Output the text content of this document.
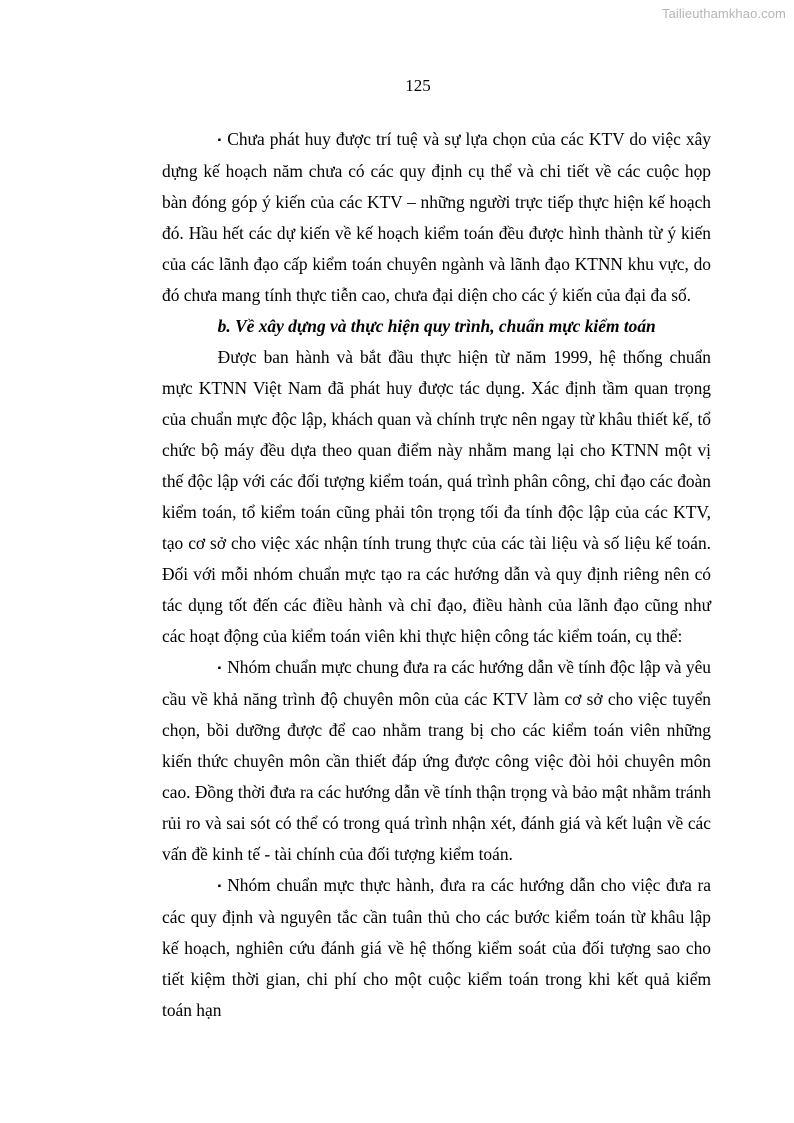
Tailieuthamkhao.com
125

▪ Chưa phát huy được trí tuệ và sự lựa chọn của các KTV do việc xây dựng kế hoạch năm chưa có các quy định cụ thể và chi tiết về các cuộc họp bàn đóng góp ý kiến của các KTV – những người trực tiếp thực hiện kế hoạch đó. Hầu hết các dự kiến về kế hoạch kiểm toán đều được hình thành từ ý kiến của các lãnh đạo cấp kiểm toán chuyên ngành và lãnh đạo KTNN khu vực, do đó chưa mang tính thực tiễn cao, chưa đại diện cho các ý kiến của đại đa số.

b. Về xây dựng và thực hiện quy trình, chuẩn mực kiểm toán

Được ban hành và bắt đầu thực hiện từ năm 1999, hệ thống chuẩn mực KTNN Việt Nam đã phát huy được tác dụng. Xác định tầm quan trọng của chuẩn mực độc lập, khách quan và chính trực nên ngay từ khâu thiết kế, tổ chức bộ máy đều dựa theo quan điểm này nhằm mang lại cho KTNN một vị thế độc lập với các đối tượng kiểm toán, quá trình phân công, chỉ đạo các đoàn kiểm toán, tổ kiểm toán cũng phải tôn trọng tối đa tính độc lập của các KTV, tạo cơ sở cho việc xác nhận tính trung thực của các tài liệu và số liệu kế toán. Đối với mỗi nhóm chuẩn mực tạo ra các hướng dẫn và quy định riêng nên có tác dụng tốt đến các điều hành và chỉ đạo, điều hành của lãnh đạo cũng như các hoạt động của kiểm toán viên khi thực hiện công tác kiểm toán, cụ thể:

▪ Nhóm chuẩn mực chung đưa ra các hướng dẫn về tính độc lập và yêu cầu về khả năng trình độ chuyên môn của các KTV làm cơ sở cho việc tuyển chọn, bồi dưỡng được để cao nhằm trang bị cho các kiểm toán viên những kiến thức chuyên môn cần thiết đáp ứng được công việc đòi hỏi chuyên môn cao. Đồng thời đưa ra các hướng dẫn về tính thận trọng và bảo mật nhằm tránh rủi ro và sai sót có thể có trong quá trình nhận xét, đánh giá và kết luận về các vấn đề kinh tế - tài chính của đối tượng kiểm toán.

▪ Nhóm chuẩn mực thực hành, đưa ra các hướng dẫn cho việc đưa ra các quy định và nguyên tắc cần tuân thủ cho các bước kiểm toán từ khâu lập kế hoạch, nghiên cứu đánh giá về hệ thống kiểm soát của đối tượng sao cho tiết kiệm thời gian, chi phí cho một cuộc kiểm toán trong khi kết quả kiểm toán hạn
